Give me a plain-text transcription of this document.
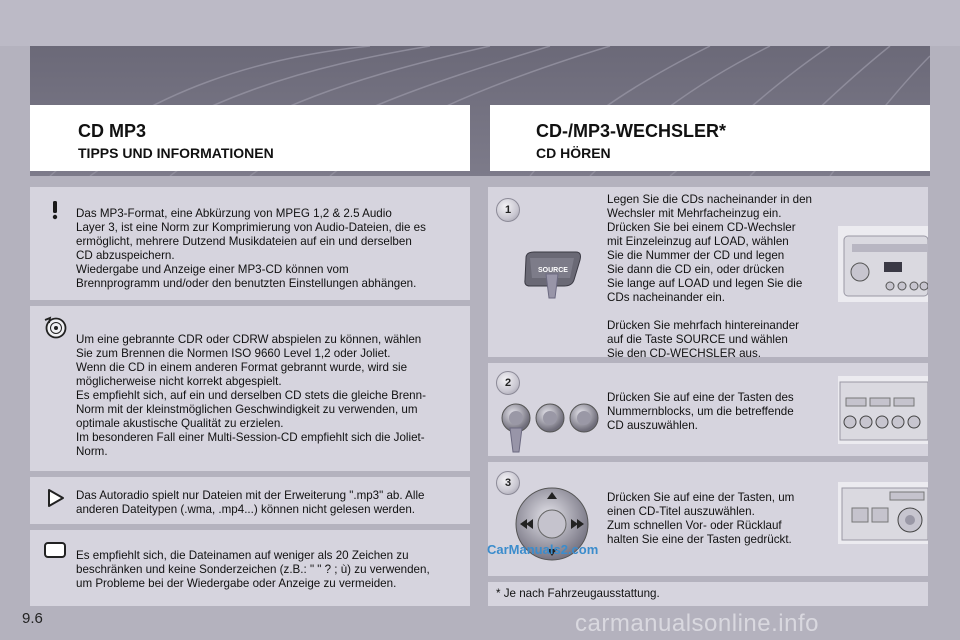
CD MP3
TIPPS UND INFORMATIONEN

Das MP3-Format, eine Abkürzung von MPEG 1,2 & 2.5 Audio

Layer 3, ist eine Norm zur Komprimierung von Audio-Dateien, die es

ermöglicht, mehrere Dutzend Musikdateien auf ein und derselben

CD abzuspeichern.

Wiedergabe und Anzeige einer MP3-CD können vom

Brennprogramm und/oder den benutzten Einstellungen abhängen.

Um eine gebrannte CDR oder CDRW abspielen zu können, wählen

Sie zum Brennen die Normen ISO 9660 Level 1,2 oder Joliet.

Wenn die CD in einem anderen Format gebrannt wurde, wird sie

möglicherweise nicht korrekt abgespielt.

Es empfiehlt sich, auf ein und derselben CD stets die gleiche Brenn-

Norm mit der kleinstmöglichen Geschwindigkeit zu verwenden, um

optimale akustische Qualität zu erzielen.

Im besonderen Fall einer Multi-Session-CD empfiehlt sich die Joliet-

Norm.

Das Autoradio spielt nur Dateien mit der Erweiterung ".mp3" ab. Alle

anderen Dateitypen (.wma, .mp4...) können nicht gelesen werden.

Es empfiehlt sich, die Dateinamen auf weniger als 20 Zeichen zu

beschränken und keine Sonderzeichen (z.B.: " " ? ; ù) zu verwenden,

um Probleme bei der Wiedergabe oder Anzeige zu vermeiden.

CD-/MP3-WECHSLER*
CD HÖREN
1
SOURCE

Legen Sie die CDs nacheinander in den

Wechsler mit Mehrfacheinzug ein.

Drücken Sie bei einem CD-Wechsler

mit Einzeleinzug auf LOAD, wählen

Sie die Nummer der CD und legen

Sie dann die CD ein, oder drücken

Sie lange auf LOAD und legen Sie die

CDs nacheinander ein.

Drücken Sie mehrfach hintereinander

auf die Taste SOURCE und wählen

Sie den CD-WECHSLER aus.

2

Drücken Sie auf eine der Tasten des

Nummernblocks, um die betreffende

CD auszuwählen.

3

Drücken Sie auf eine der Tasten, um

einen CD-Titel auszuwählen.

Zum schnellen Vor- oder Rücklauf

halten Sie eine der Tasten gedrückt.

* Je nach Fahrzeugausstattung.
9.6
CarManuals2.com
carmanualsonline.info
